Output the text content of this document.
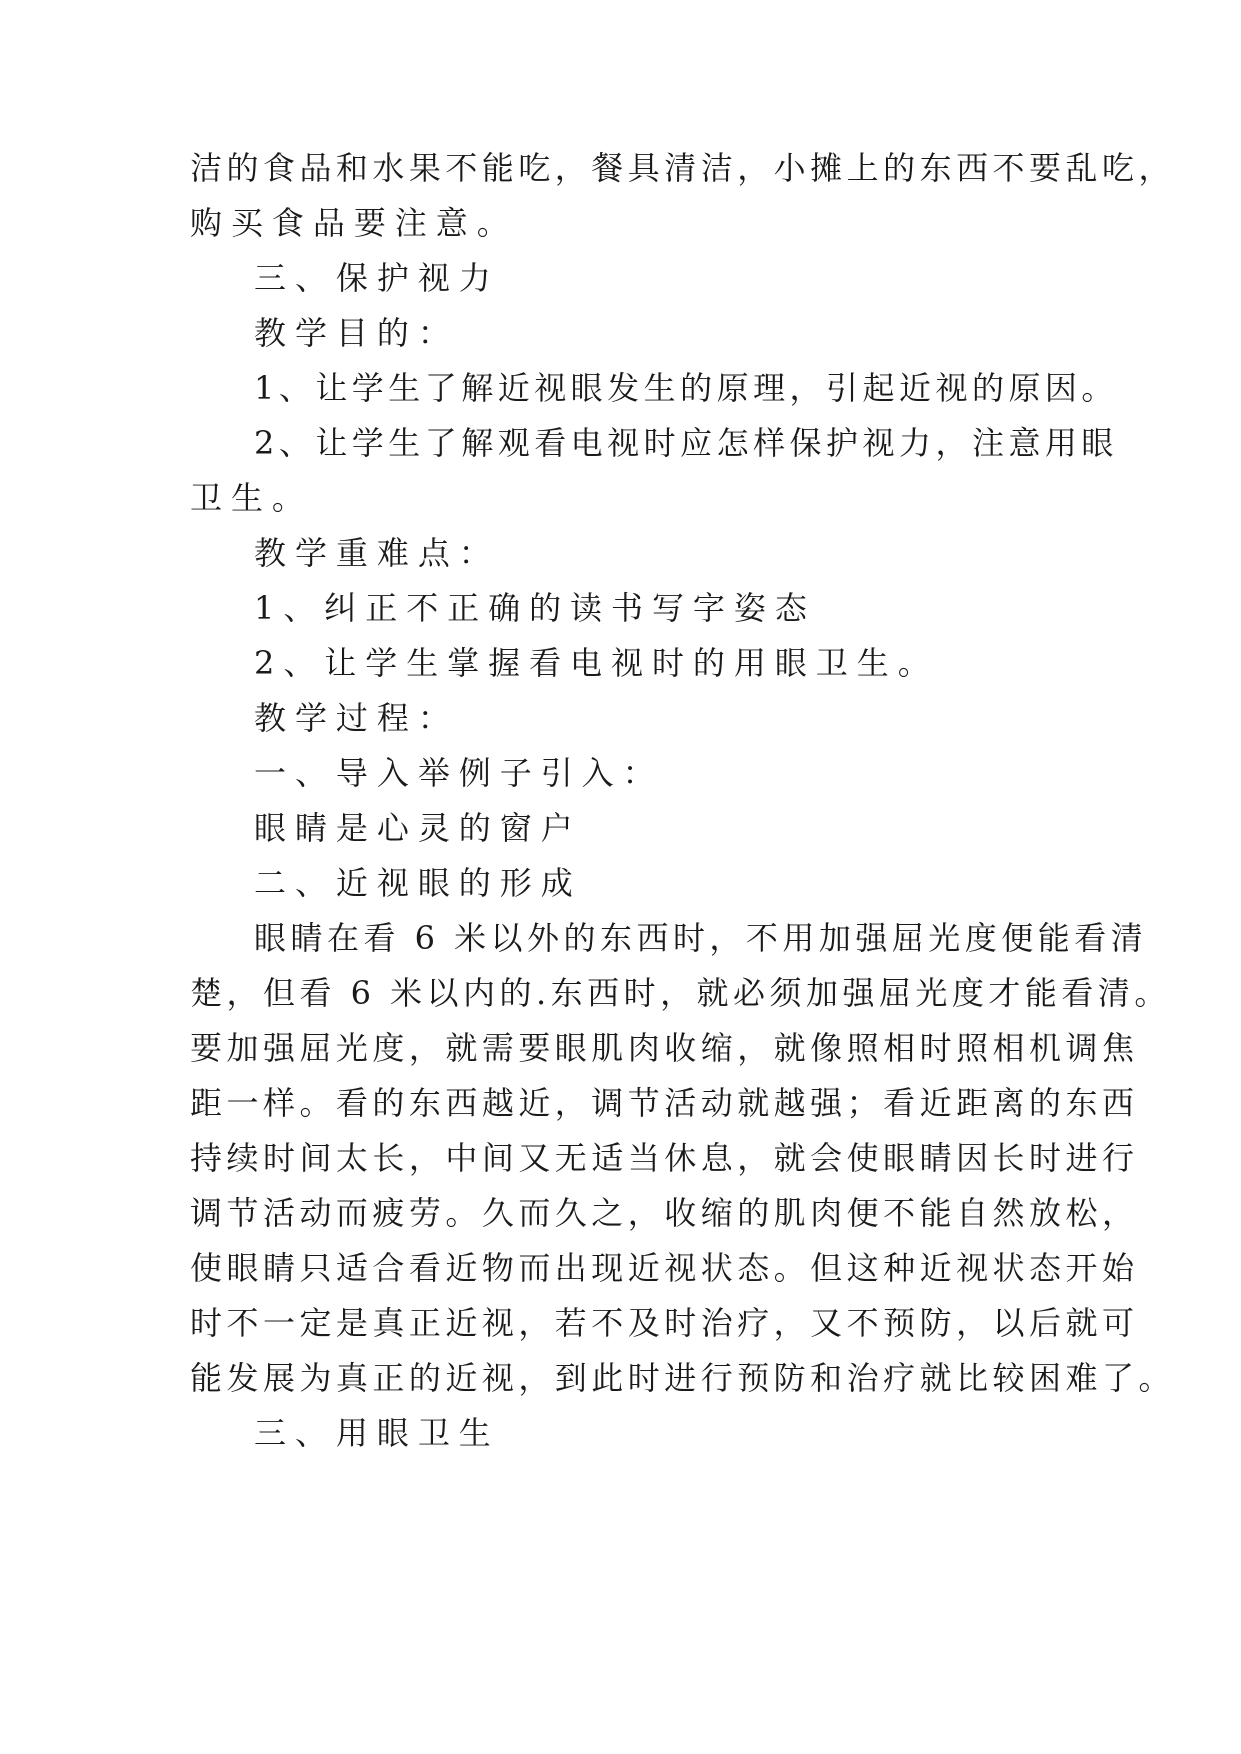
洁的食品和水果不能吃，餐具清洁，小摊上的东西不要乱吃，
购买食品要注意。
三、保护视力
教学目的：
1、让学生了解近视眼发生的原理，引起近视的原因。
2、让学生了解观看电视时应怎样保护视力，注意用眼
卫生。
教学重难点：
1、纠正不正确的读书写字姿态
2、让学生掌握看电视时的用眼卫生。
教学过程：
一、导入举例子引入：
眼睛是心灵的窗户
二、近视眼的形成
眼睛在看 6 米以外的东西时，不用加强屈光度便能看清
楚，但看 6 米以内的.东西时，就必须加强屈光度才能看清。
要加强屈光度，就需要眼肌肉收缩，就像照相时照相机调焦
距一样。看的东西越近，调节活动就越强；看近距离的东西
持续时间太长，中间又无适当休息，就会使眼睛因长时进行
调节活动而疲劳。久而久之，收缩的肌肉便不能自然放松，
使眼睛只适合看近物而出现近视状态。但这种近视状态开始
时不一定是真正近视，若不及时治疗，又不预防，以后就可
能发展为真正的近视，到此时进行预防和治疗就比较困难了。
三、用眼卫生
